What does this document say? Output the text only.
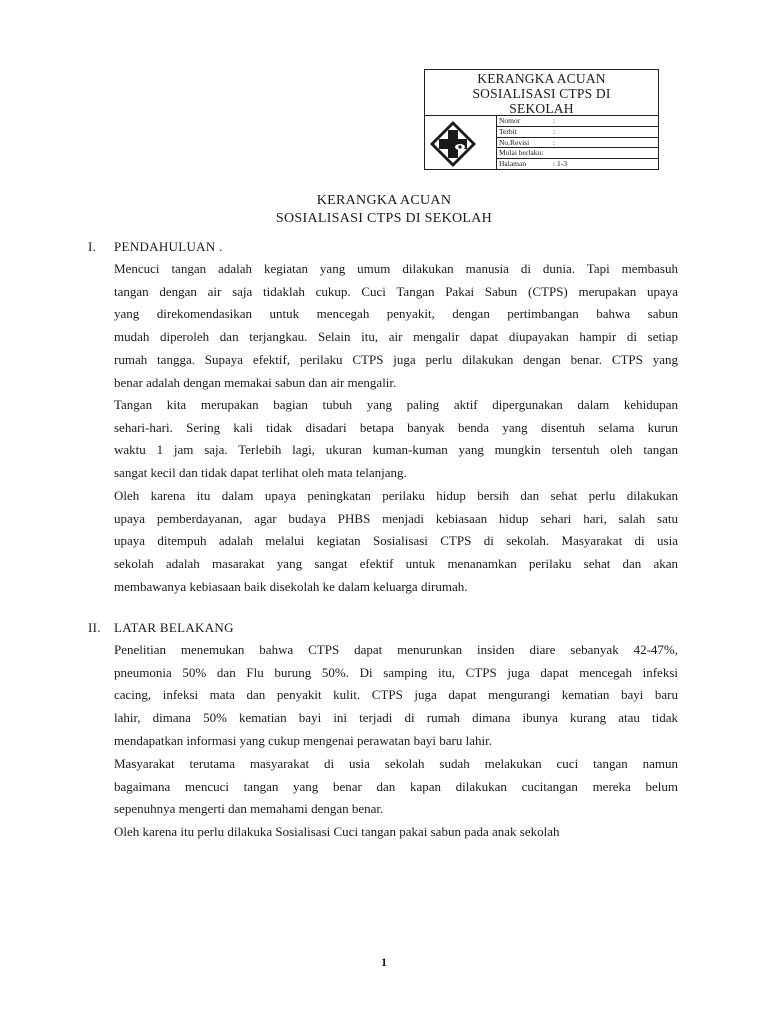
KERANGKA ACUAN
SOSIALISASI CTPS DI
SEKOLAH
Nomor	:
Terbit	:
No.Revisi	:
Mulai berlaku:
Halaman	: 1-3
KERANGKA ACUAN
SOSIALISASI CTPS DI SEKOLAH
I. PENDAHULUAN .
Mencuci tangan adalah kegiatan yang umum dilakukan manusia di dunia. Tapi membasuh
tangan dengan air saja tidaklah cukup. Cuci Tangan Pakai Sabun (CTPS) merupakan upaya
yang direkomendasikan untuk mencegah penyakit, dengan pertimbangan bahwa sabun
mudah diperoleh dan terjangkau. Selain itu, air mengalir dapat diupayakan hampir di setiap
rumah tangga. Supaya efektif, perilaku CTPS juga perlu dilakukan dengan benar. CTPS yang
benar adalah dengan memakai sabun dan air mengalir.
Tangan kita merupakan bagian tubuh yang paling aktif dipergunakan dalam kehidupan
sehari-hari. Sering kali tidak disadari betapa banyak benda yang disentuh selama kurun
waktu 1 jam saja. Terlebih lagi, ukuran kuman-kuman yang mungkin tersentuh oleh tangan
sangat kecil dan tidak dapat terlihat oleh mata telanjang.
Oleh karena itu dalam upaya peningkatan perilaku hidup bersih dan sehat perlu dilakukan
upaya pemberdayanan, agar budaya PHBS menjadi kebiasaan hidup sehari hari, salah satu
upaya ditempuh adalah melalui kegiatan Sosialisasi CTPS di sekolah. Masyarakat di usia
sekolah adalah masarakat yang sangat efektif untuk menanamkan perilaku sehat dan akan
membawanya kebiasaan baik disekolah ke dalam keluarga dirumah.
II. LATAR BELAKANG
Penelitian menemukan bahwa CTPS dapat menurunkan insiden diare sebanyak 42-47%,
pneumonia 50% dan Flu burung 50%. Di samping itu, CTPS juga dapat mencegah infeksi
cacing, infeksi mata dan penyakit kulit. CTPS juga dapat mengurangi kematian bayi baru
lahir, dimana 50% kematian bayi ini terjadi di rumah dimana ibunya kurang atau tidak
mendapatkan informasi yang cukup mengenai perawatan bayi baru lahir.
Masyarakat terutama masyarakat di usia sekolah sudah melakukan cuci tangan namun
bagaimana mencuci tangan yang benar dan kapan dilakukan cucitangan mereka belum
sepenuhnya mengerti dan memahami dengan benar.
Oleh karena itu perlu dilakuka Sosialisasi Cuci tangan pakai sabun pada anak sekolah
1
